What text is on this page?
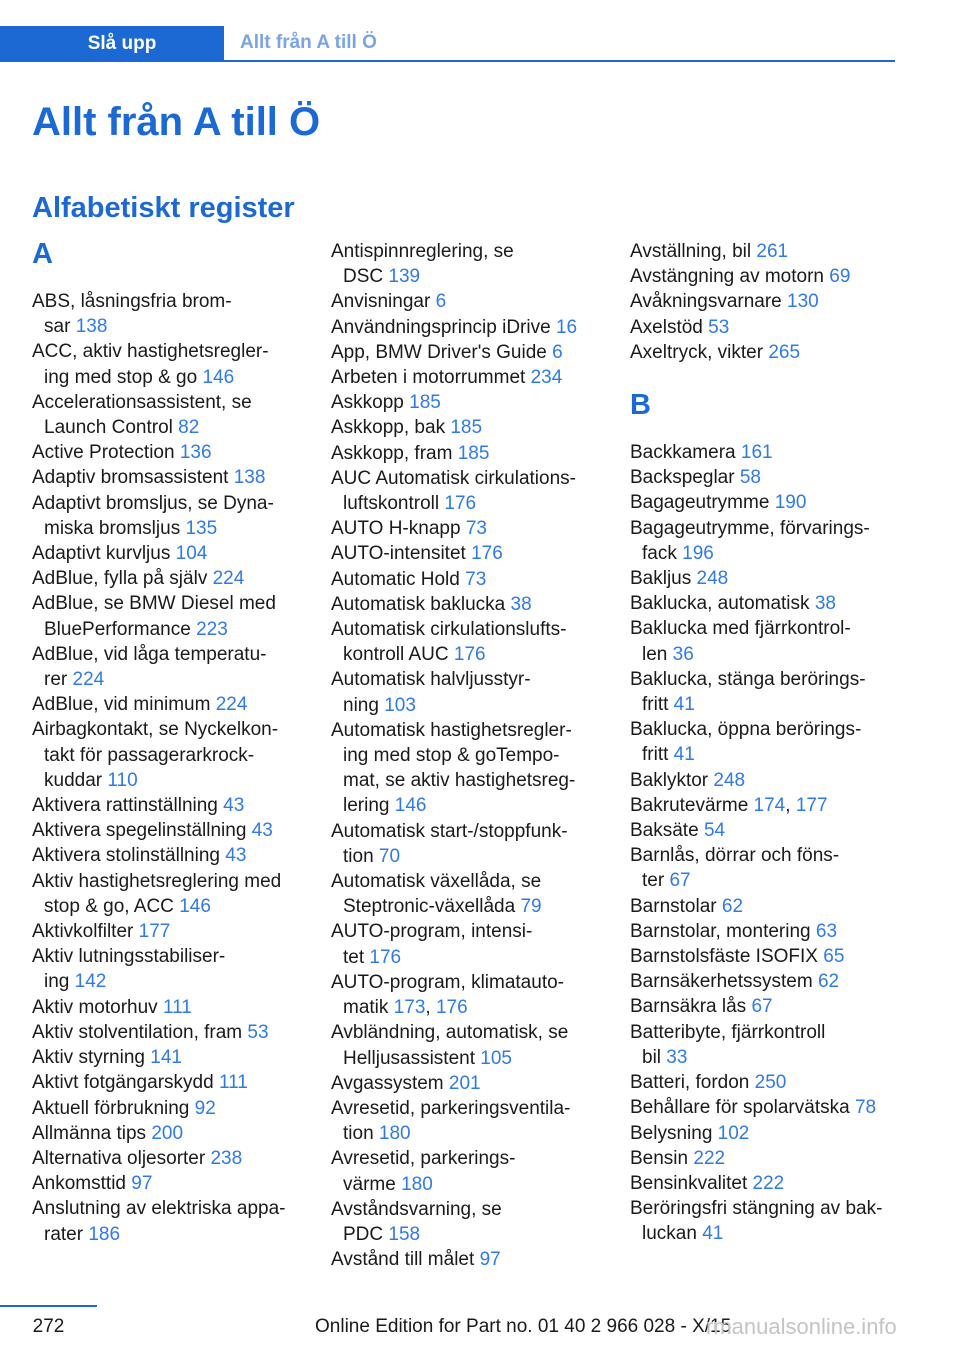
Slå upp	Allt från A till Ö
Allt från A till Ö
Alfabetiskt register
A
ABS, låsningsfria brom-
sar 138
ACC, aktiv hastighetsregler-
ing med stop & go 146
Accelerationsassistent, se
Launch Control 82
Active Protection 136
Adaptiv bromsassistent 138
Adaptivt bromsljus, se Dyna-
miska bromsljus 135
Adaptivt kurvljus 104
AdBlue, fylla på själv 224
AdBlue, se BMW Diesel med
BluePerformance 223
AdBlue, vid låga temperatu-
rer 224
AdBlue, vid minimum 224
Airbagkontakt, se Nyckelkon-
takt för passagerarkrock-
kuddar 110
Aktivera rattinställning 43
Aktivera spegelinställning 43
Aktivera stolinställning 43
Aktiv hastighetsreglering med
stop & go, ACC 146
Aktivkolfilter 177
Aktiv lutningsstabiliser-
ing 142
Aktiv motorhuv 111
Aktiv stolventilation, fram 53
Aktiv styrning 141
Aktivt fotgängarskydd 111
Aktuell förbrukning 92
Allmänna tips 200
Alternativa oljesorter 238
Ankomsttid 97
Anslutning av elektriska appa-
rater 186
Antispinnreglering, se
DSC 139
Anvisningar 6
Användningsprincip iDrive 16
App, BMW Driver's Guide 6
Arbeten i motorrummet 234
Askkopp 185
Askkopp, bak 185
Askkopp, fram 185
AUC Automatisk cirkulations-
luftskontroll 176
AUTO H-knapp 73
AUTO-intensitet 176
Automatic Hold 73
Automatisk baklucka 38
Automatisk cirkulationslufts-
kontroll AUC 176
Automatisk halvljusstyr-
ning 103
Automatisk hastighetsregler-
ing med stop & goTempo-
mat, se aktiv hastighetsreg-
lering 146
Automatisk start-/stoppfunk-
tion 70
Automatisk växellåda, se
Steptronic-växellåda 79
AUTO-program, intensi-
tet 176
AUTO-program, klimatauto-
matik 173, 176
Avbländning, automatisk, se
Helljusassistent 105
Avgassystem 201
Avresetid, parkeringsventila-
tion 180
Avresetid, parkerings-
värme 180
Avståndsvarning, se
PDC 158
Avstånd till målet 97
Avställning, bil 261
Avstängning av motorn 69
Avåkningsvarnare 130
Axelstöd 53
Axeltryck, vikter 265
B
Backkamera 161
Backspeglar 58
Bagageutrymme 190
Bagageutrymme, förvarings-
fack 196
Bakljus 248
Baklucka, automatisk 38
Baklucka med fjärrkontrol-
len 36
Baklucka, stänga berörings-
fritt 41
Baklucka, öppna berörings-
fritt 41
Baklyktor 248
Bakrutevärme 174, 177
Baksäte 54
Barnlås, dörrar och föns-
ter 67
Barnstolar 62
Barnstolar, montering 63
Barnstolsfäste ISOFIX 65
Barnsäkerhetssystem 62
Barnsäkra lås 67
Batteribyte, fjärrkontroll
bil 33
Batteri, fordon 250
Behållare för spolarvätska 78
Belysning 102
Bensin 222
Bensinkvalitet 222
Beröringsfri stängning av bak-
luckan 41
272	Online Edition for Part no. 01 40 2 966 028 - X/15
rmanualsonline.info
